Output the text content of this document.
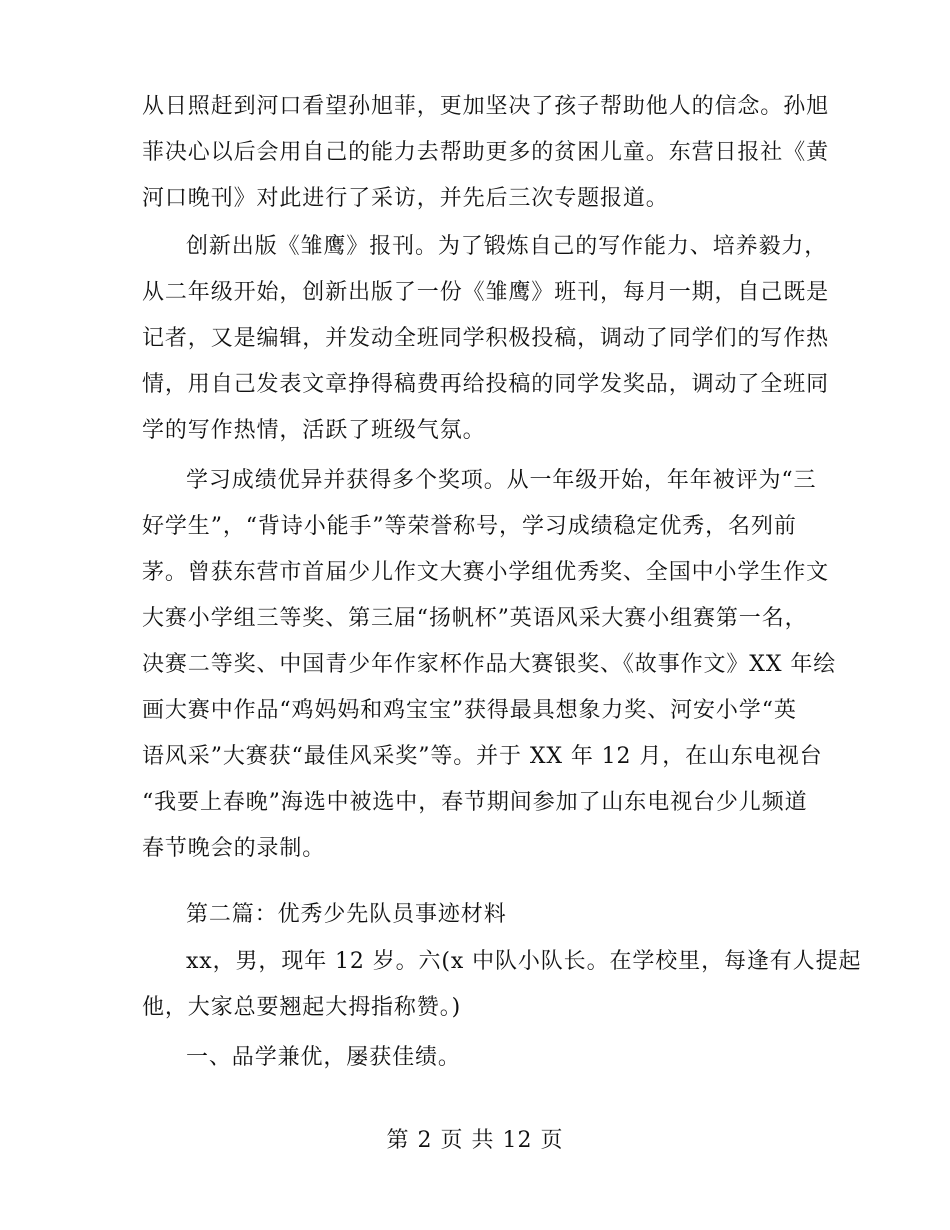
从日照赶到河口看望孙旭菲，更加坚决了孩子帮助他人的信念。孙旭
菲决心以后会用自己的能力去帮助更多的贫困儿童。东营日报社《黄
河口晚刊》对此进行了采访，并先后三次专题报道。
创新出版《雏鹰》报刊。为了锻炼自己的写作能力、培养毅力，
从二年级开始，创新出版了一份《雏鹰》班刊，每月一期，自己既是
记者，又是编辑，并发动全班同学积极投稿，调动了同学们的写作热
情，用自己发表文章挣得稿费再给投稿的同学发奖品，调动了全班同
学的写作热情，活跃了班级气氛。
学习成绩优异并获得多个奖项。从一年级开始，年年被评为“三
好学生”，“背诗小能手”等荣誉称号，学习成绩稳定优秀，名列前
茅。曾获东营市首届少儿作文大赛小学组优秀奖、全国中小学生作文
大赛小学组三等奖、第三届“扬帆杯”英语风采大赛小组赛第一名，
决赛二等奖、中国青少年作家杯作品大赛银奖、《故事作文》XX 年绘
画大赛中作品“鸡妈妈和鸡宝宝”获得最具想象力奖、河安小学“英
语风采”大赛获“最佳风采奖”等。并于 XX 年 12 月，在山东电视台
“我要上春晚”海选中被选中，春节期间参加了山东电视台少儿频道
春节晚会的录制。
第二篇：优秀少先队员事迹材料
xx，男，现年 12 岁。六(x 中队小队长。在学校里，每逢有人提起
他，大家总要翘起大拇指称赞。)
一、品学兼优，屡获佳绩。
第 2 页 共 12 页
